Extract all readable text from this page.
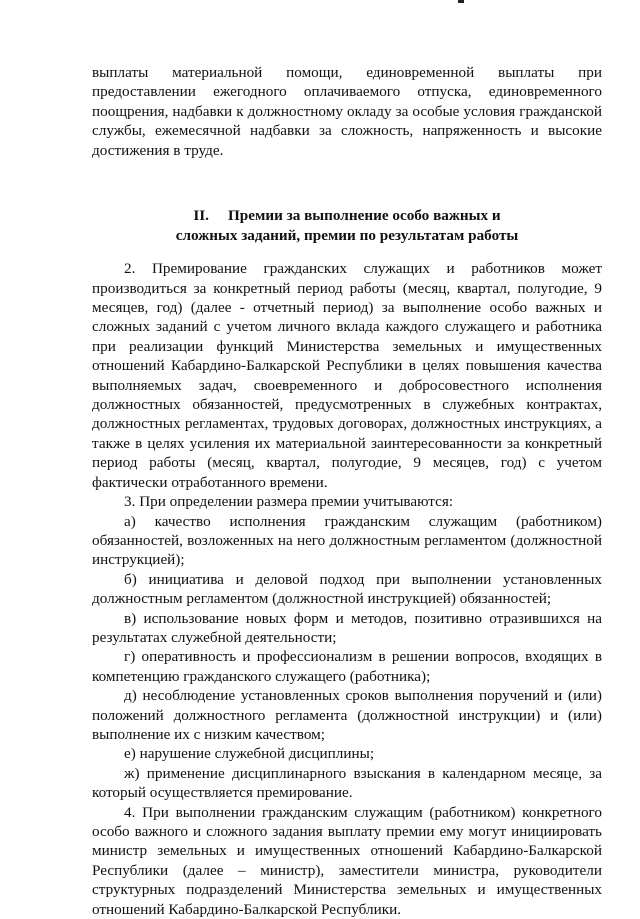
выплаты материальной помощи, единовременной выплаты при предоставлении ежегодного оплачиваемого отпуска, единовременного поощрения, надбавки к должностному окладу за особые условия гражданской службы, ежемесячной надбавки за сложность, напряженность и высокие достижения в труде.

II. Премии за выполнение особо важных и
сложных заданий, премии по результатам работы

2. Премирование гражданских служащих и работников может производиться за конкретный период работы (месяц, квартал, полугодие, 9 месяцев, год) (далее - отчетный период) за выполнение особо важных и сложных заданий с учетом личного вклада каждого служащего и работника при реализации функций Министерства земельных и имущественных отношений Кабардино-Балкарской Республики в целях повышения качества выполняемых задач, своевременного и добросовестного исполнения должностных обязанностей, предусмотренных в служебных контрактах, должностных регламентах, трудовых договорах, должностных инструкциях, а также в целях усиления их материальной заинтересованности за конкретный период работы (месяц, квартал, полугодие, 9 месяцев, год) с учетом фактически отработанного времени.

3. При определении размера премии учитываются:

а) качество исполнения гражданским служащим (работником) обязанностей, возложенных на него должностным регламентом (должностной инструкцией);

б) инициатива и деловой подход при выполнении установленных должностным регламентом (должностной инструкцией) обязанностей;

в) использование новых форм и методов, позитивно отразившихся на результатах служебной деятельности;

г) оперативность и профессионализм в решении вопросов, входящих в компетенцию гражданского служащего (работника);

д) несоблюдение установленных сроков выполнения поручений и (или) положений должностного регламента (должностной инструкции) и (или) выполнение их с низким качеством;

е) нарушение служебной дисциплины;

ж) применение дисциплинарного взыскания в календарном месяце, за который осуществляется премирование.

4. При выполнении гражданским служащим (работником) конкретного особо важного и сложного задания выплату премии ему могут инициировать министр земельных и имущественных отношений Кабардино-Балкарской Республики (далее – министр), заместители министра, руководители структурных подразделений Министерства земельных и имущественных отношений Кабардино-Балкарской Республики.
